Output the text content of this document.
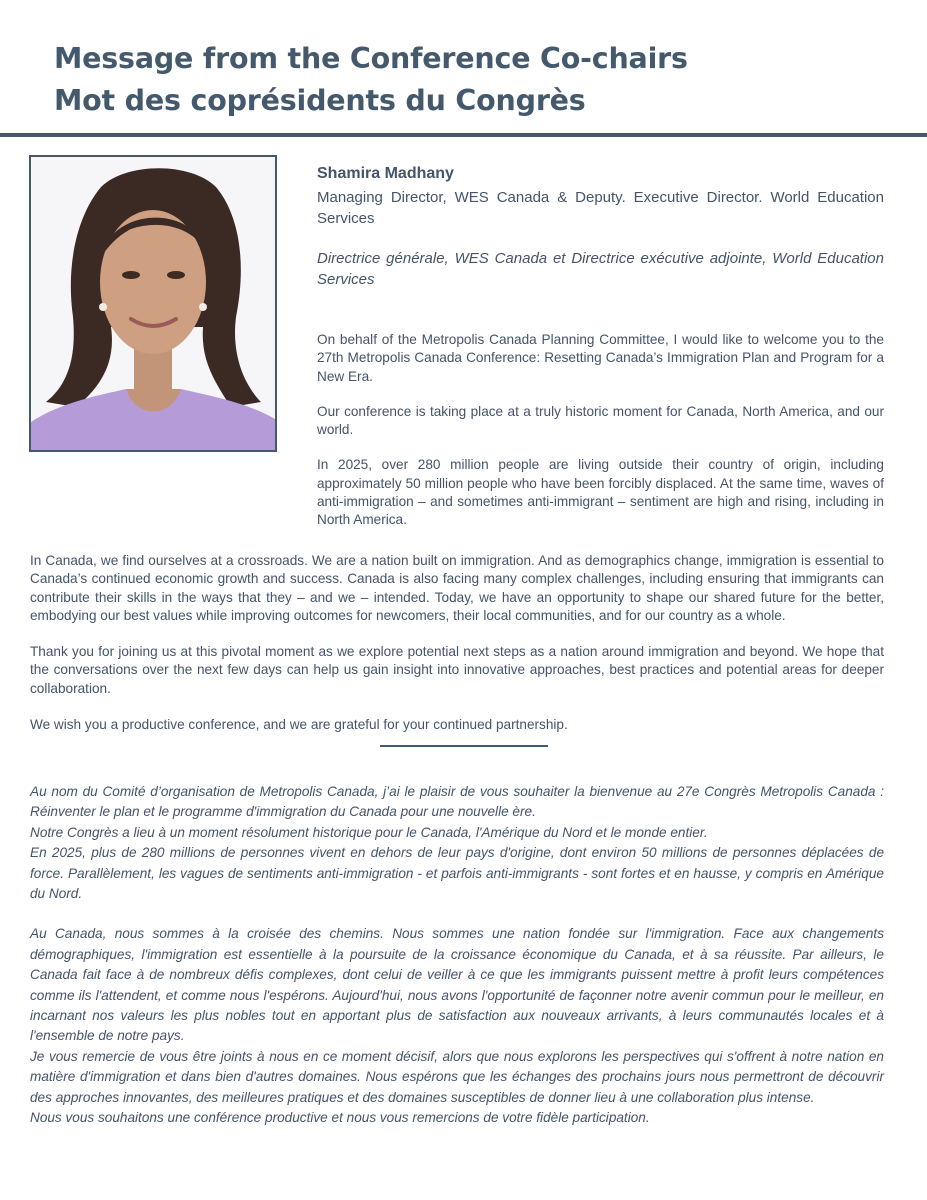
Message from the Conference Co-chairs
Mot des coprésidents du Congrès

Shamira Madhany

Managing Director, WES Canada & Deputy. Executive Director. World Education Services

Directrice générale, WES Canada et Directrice exécutive adjointe, World Education Services

On behalf of the Metropolis Canada Planning Committee, I would like to welcome you to the 27th Metropolis Canada Conference: Resetting Canada’s Immigration Plan and Program for a New Era.

Our conference is taking place at a truly historic moment for Canada, North America, and our world.

In 2025, over 280 million people are living outside their country of origin, including approximately 50 million people who have been forcibly displaced. At the same time, waves of anti-immigration – and sometimes anti-immigrant – sentiment are high and rising, including in North America.

In Canada, we find ourselves at a crossroads. We are a nation built on immigration. And as demographics change, immigration is essential to Canada’s continued economic growth and success. Canada is also facing many complex challenges, including ensuring that immigrants can contribute their skills in the ways that they – and we – intended. Today, we have an opportunity to shape our shared future for the better, embodying our best values while improving outcomes for newcomers, their local communities, and for our country as a whole.

Thank you for joining us at this pivotal moment as we explore potential next steps as a nation around immigration and beyond. We hope that the conversations over the next few days can help us gain insight into innovative approaches, best practices and potential areas for deeper collaboration.

We wish you a productive conference, and we are grateful for your continued partnership.

Au nom du Comité d’organisation de Metropolis Canada, j’ai le plaisir de vous souhaiter la bienvenue au 27e Congrès Metropolis Canada : Réinventer le plan et le programme d'immigration du Canada pour une nouvelle ère.

Notre Congrès a lieu à un moment résolument historique pour le Canada, l'Amérique du Nord et le monde entier.

En 2025, plus de 280 millions de personnes vivent en dehors de leur pays d'origine, dont environ 50 millions de personnes déplacées de force. Parallèlement, les vagues de sentiments anti-immigration - et parfois anti-immigrants - sont fortes et en hausse, y compris en Amérique du Nord.

Au Canada, nous sommes à la croisée des chemins. Nous sommes une nation fondée sur l'immigration. Face aux changements démographiques, l'immigration est essentielle à la poursuite de la croissance économique du Canada, et à sa réussite. Par ailleurs, le Canada fait face à de nombreux défis complexes, dont celui de veiller à ce que les immigrants puissent mettre à profit leurs compétences comme ils l'attendent, et comme nous l'espérons. Aujourd'hui, nous avons l'opportunité de façonner notre avenir commun pour le meilleur, en incarnant nos valeurs les plus nobles tout en apportant plus de satisfaction aux nouveaux arrivants, à leurs communautés locales et à l'ensemble de notre pays.

Je vous remercie de vous être joints à nous en ce moment décisif, alors que nous explorons les perspectives qui s'offrent à notre nation en matière d'immigration et dans bien d'autres domaines. Nous espérons que les échanges des prochains jours nous permettront de découvrir des approches innovantes, des meilleures pratiques et des domaines susceptibles de donner lieu à une collaboration plus intense.

Nous vous souhaitons une conférence productive et nous vous remercions de votre fidèle participation.
